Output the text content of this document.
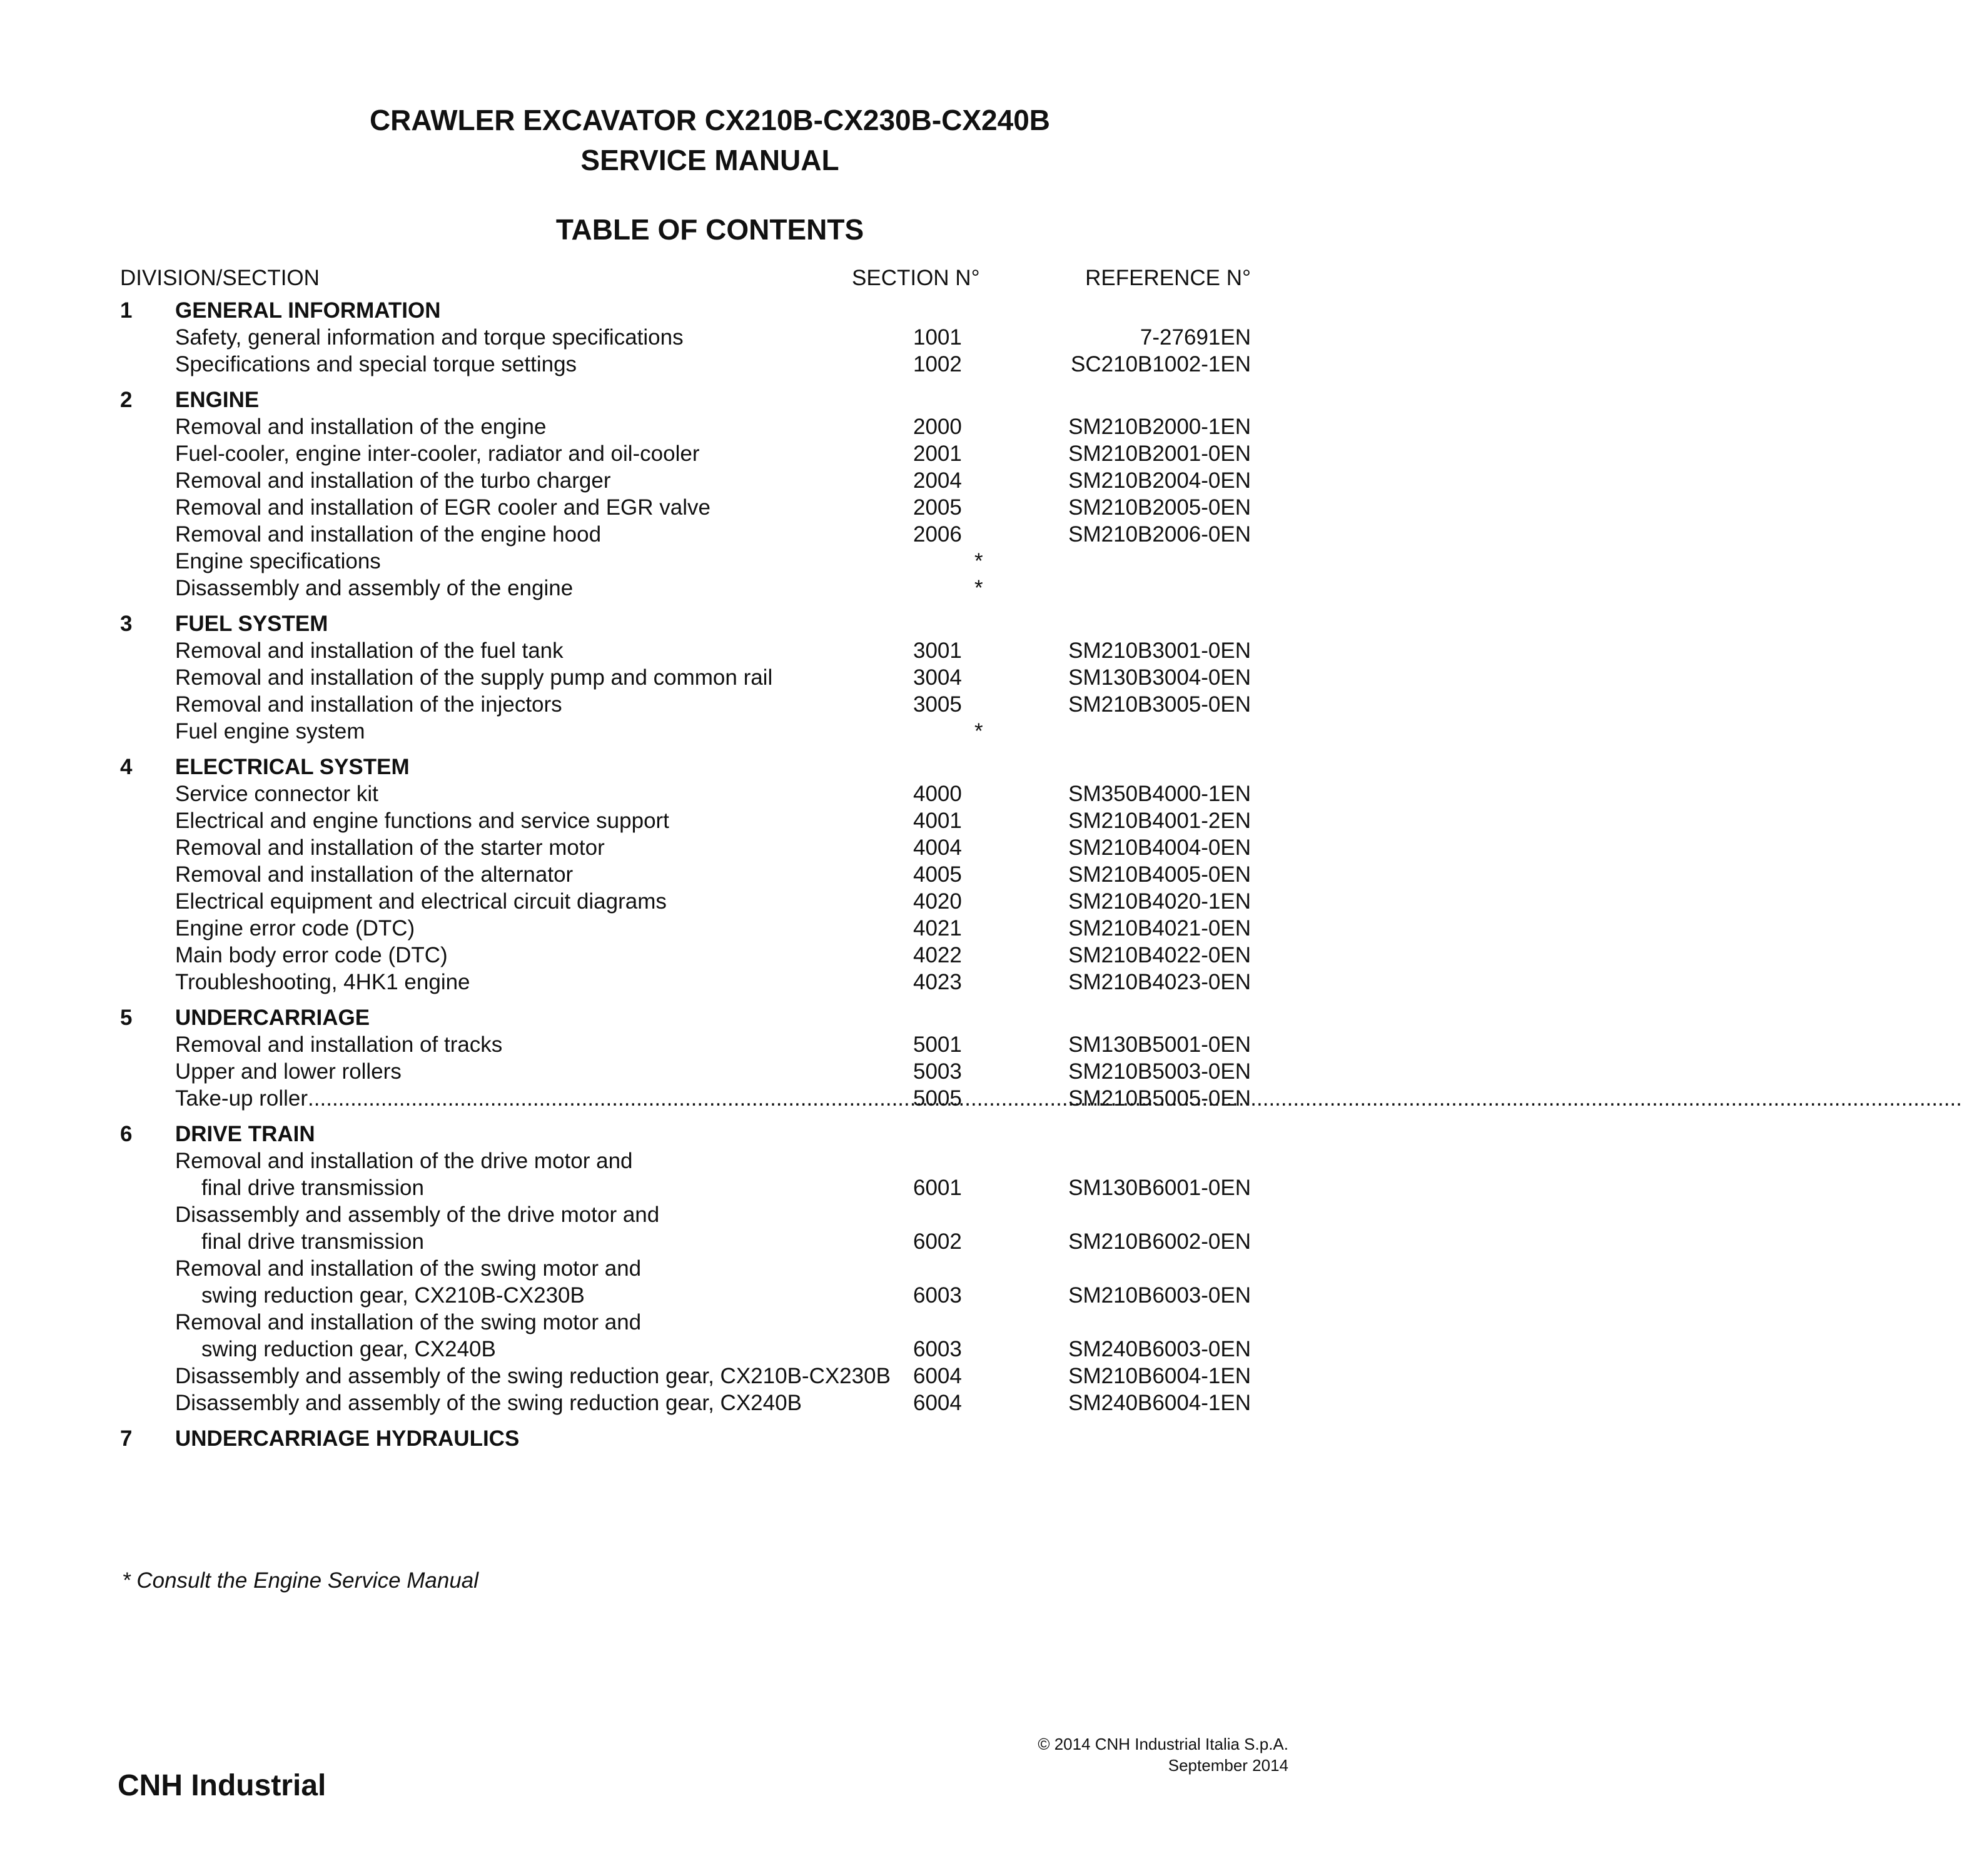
CRAWLER EXCAVATOR CX210B-CX230B-CX240B
SERVICE MANUAL
TABLE OF CONTENTS
DIVISION/SECTION	SECTION N°	REFERENCE N°
1 GENERAL INFORMATION
Safety, general information and torque specifications	1001	7-27691EN
Specifications and special torque settings	1002	SC210B1002-1EN
2 ENGINE
Removal and installation of the engine	2000	SM210B2000-1EN
Fuel-cooler, engine inter-cooler, radiator and oil-cooler	2001	SM210B2001-0EN
Removal and installation of the turbo charger	2004	SM210B2004-0EN
Removal and installation of EGR cooler and EGR valve	2005	SM210B2005-0EN
Removal and installation of the engine hood	2006	SM210B2006-0EN
Engine specifications	*
Disassembly and assembly of the engine	*
3 FUEL SYSTEM
Removal and installation of the fuel tank	3001	SM210B3001-0EN
Removal and installation of the supply pump and common rail	3004	SM130B3004-0EN
Removal and installation of the injectors	3005	SM210B3005-0EN
Fuel engine system	*
4 ELECTRICAL SYSTEM
Service connector kit	4000	SM350B4000-1EN
Electrical and engine functions and service support	4001	SM210B4001-2EN
Removal and installation of the starter motor	4004	SM210B4004-0EN
Removal and installation of the alternator	4005	SM210B4005-0EN
Electrical equipment and electrical circuit diagrams	4020	SM210B4020-1EN
Engine error code (DTC)	4021	SM210B4021-0EN
Main body error code (DTC)	4022	SM210B4022-0EN
Troubleshooting, 4HK1 engine	4023	SM210B4023-0EN
5 UNDERCARRIAGE
Removal and installation of tracks	5001	SM130B5001-0EN
Upper and lower rollers	5003	SM210B5003-0EN
Take-up roller
.....	5005	SM210B5005-0EN
6 DRIVE TRAIN
Removal and installation of the drive motor and
final drive transmission	6001	SM130B6001-0EN
Disassembly and assembly of the drive motor and
final drive transmission	6002	SM210B6002-0EN
Removal and installation of the swing motor and
swing reduction gear, CX210B-CX230B	6003	SM210B6003-0EN
Removal and installation of the swing motor and
swing reduction gear, CX240B	6003	SM240B6003-0EN
Disassembly and assembly of the swing reduction gear, CX210B-CX230B 6004	SM210B6004-1EN
Disassembly and assembly of the swing reduction gear, CX240B	6004	SM240B6004-1EN
7 UNDERCARRIAGE HYDRAULICS
* Consult the Engine Service Manual
© 2014 CNH Industrial Italia S.p.A.
September 2014
CNH Industrial
